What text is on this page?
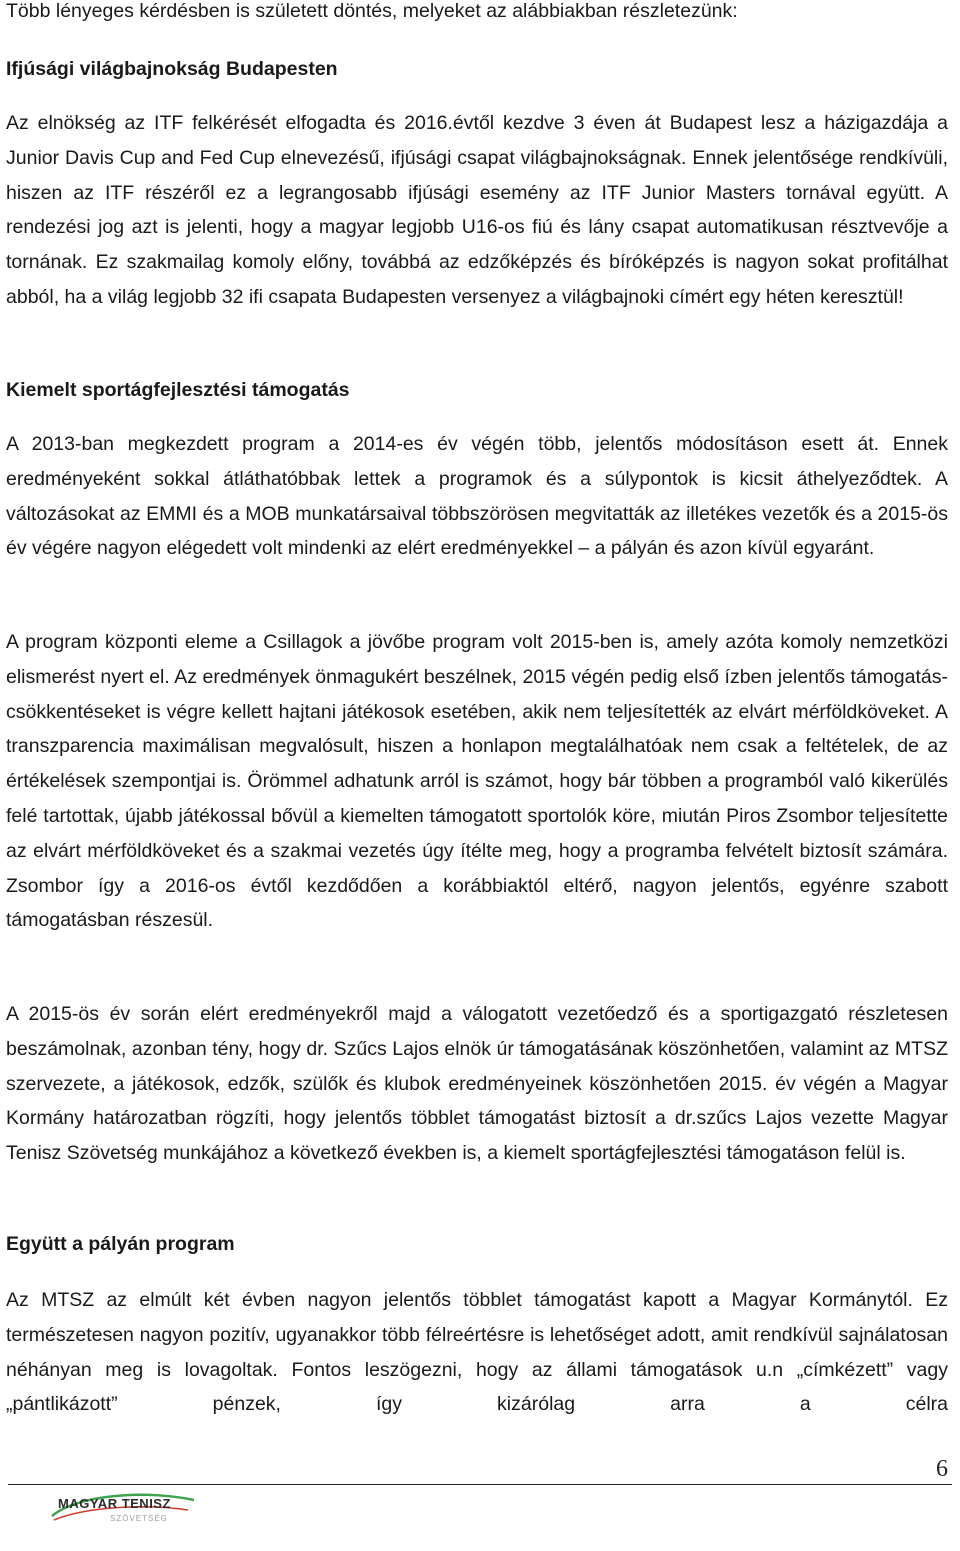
Több lényeges kérdésben is született döntés, melyeket az alábbiakban részletezünk:

Ifjúsági világbajnokság Budapesten

Az elnökség az ITF felkérését elfogadta és 2016.évtől kezdve 3 éven át Budapest lesz a házigazdája a Junior Davis Cup and Fed Cup elnevezésű, ifjúsági csapat világbajnokságnak. Ennek jelentősége rendkívüli, hiszen az ITF részéről ez a legrangosabb ifjúsági esemény az ITF Junior Masters tornával együtt. A rendezési jog azt is jelenti, hogy a magyar legjobb U16-os fiú és lány csapat automatikusan résztvevője a tornának. Ez szakmailag komoly előny, továbbá az edzőképzés és bíróképzés is nagyon sokat profitálhat abból, ha a világ legjobb 32 ifi csapata Budapesten versenyez a világbajnoki címért egy héten keresztül!

Kiemelt sportágfejlesztési támogatás

A 2013-ban megkezdett program a 2014-es év végén több, jelentős módosításon esett át. Ennek eredményeként sokkal átláthatóbbak lettek a programok és a súlypontok is kicsit áthelyeződtek. A változásokat az EMMI és a MOB munkatársaival többszörösen megvitatták az illetékes vezetők és a 2015-ös év végére nagyon elégedett volt mindenki az elért eredményekkel – a pályán és azon kívül egyaránt.

A program központi eleme a Csillagok a jövőbe program volt 2015-ben is, amely azóta komoly nemzetközi elismerést nyert el. Az eredmények önmagukért beszélnek, 2015 végén pedig első ízben jelentős támogatás-csökkentéseket is végre kellett hajtani játékosok esetében, akik nem teljesítették az elvárt mérföldköveket. A transzparencia maximálisan megvalósult, hiszen a honlapon megtalálhatóak nem csak a feltételek, de az értékelések szempontjai is. Örömmel adhatunk arról is számot, hogy bár többen a programból való kikerülés felé tartottak, újabb játékossal bővül a kiemelten támogatott sportolók köre, miután Piros Zsombor teljesítette az elvárt mérföldköveket és a szakmai vezetés úgy ítélte meg, hogy a programba felvételt biztosít számára. Zsombor így a 2016-os évtől kezdődően a korábbiaktól eltérő, nagyon jelentős, egyénre szabott támogatásban részesül.

A 2015-ös év során elért eredményekről majd a válogatott vezetőedző és a sportigazgató részletesen beszámolnak, azonban tény, hogy dr. Szűcs Lajos elnök úr támogatásának köszönhetően, valamint az MTSZ szervezete, a játékosok, edzők, szülők és klubok eredményeinek köszönhetően 2015. év végén a Magyar Kormány határozatban rögzíti, hogy jelentős többlet támogatást biztosít a dr.szűcs Lajos vezette Magyar Tenisz Szövetség munkájához a következő években is, a kiemelt sportágfejlesztési támogatáson felül is.

Együtt a pályán program

Az MTSZ az elmúlt két évben nagyon jelentős többlet támogatást kapott a Magyar Kormánytól. Ez természetesen nagyon pozitív, ugyanakkor több félreértésre is lehetőséget adott, amit rendkívül sajnálatosan néhányan meg is lovagoltak. Fontos leszögezni, hogy az állami támogatások u.n „címkézett” vagy „pántlikázott” pénzek, így kizárólag arra a célra

6
MAGYAR TENISZ
SZÖVETSÉG
